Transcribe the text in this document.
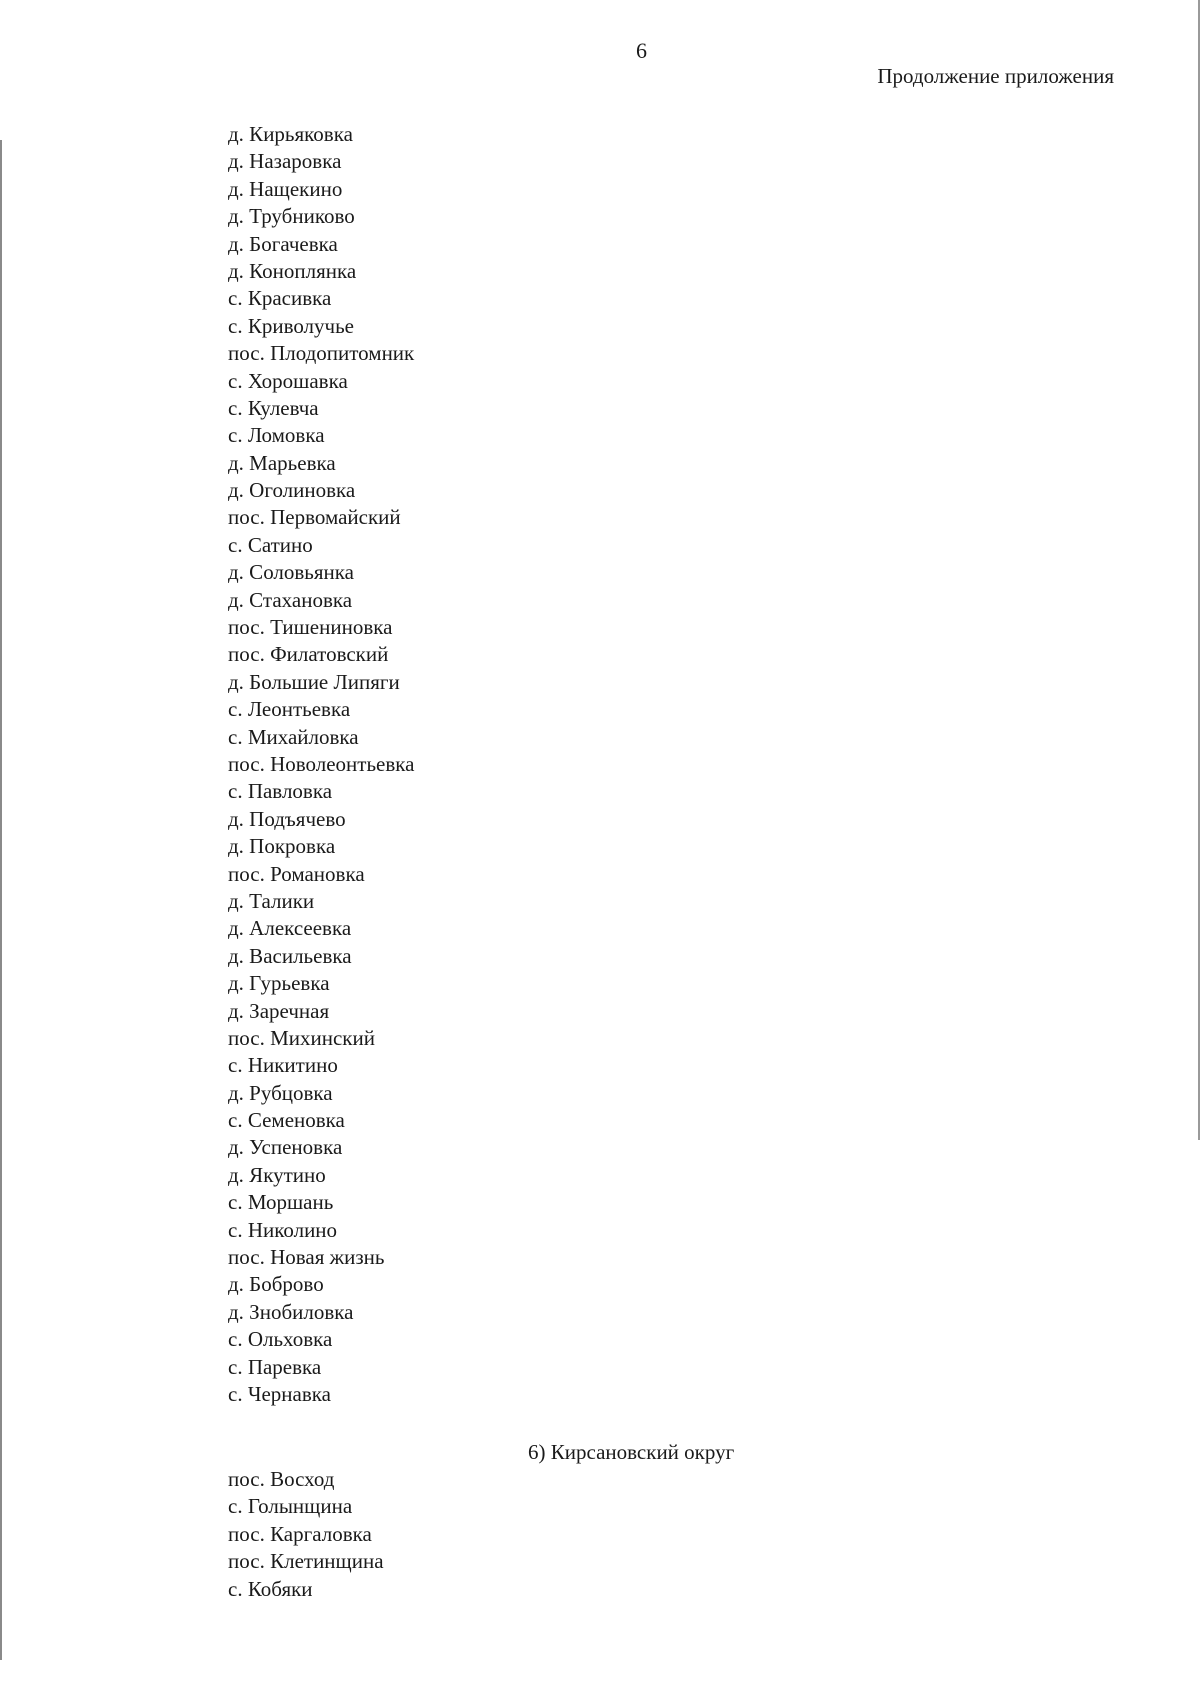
6
Продолжение приложения
д. Кирьяковка
д. Назаровка
д. Нащекино
д. Трубниково
д. Богачевка
д. Коноплянка
с. Красивка
с. Криволучье
пос. Плодопитомник
с. Хорошавка
с. Кулевча
с. Ломовка
д. Марьевка
д. Оголиновка
пос. Первомайский
с. Сатино
д. Соловьянка
д. Стахановка
пос. Тишениновка
пос. Филатовский
д. Большие Липяги
с. Леонтьевка
с. Михайловка
пос. Новолеонтьевка
с. Павловка
д. Подъячево
д. Покровка
пос. Романовка
д. Талики
д. Алексеевка
д. Васильевка
д. Гурьевка
д. Заречная
пос. Михинский
с. Никитино
д. Рубцовка
с. Семеновка
д. Успеновка
д. Якутино
с. Моршань
с. Николино
пос. Новая жизнь
д. Боброво
д. Знобиловка
с. Ольховка
с. Паревка
с. Чернавка
6) Кирсановский округ
пос. Восход
с. Голынщина
пос. Каргаловка
пос. Клетинщина
с. Кобяки
